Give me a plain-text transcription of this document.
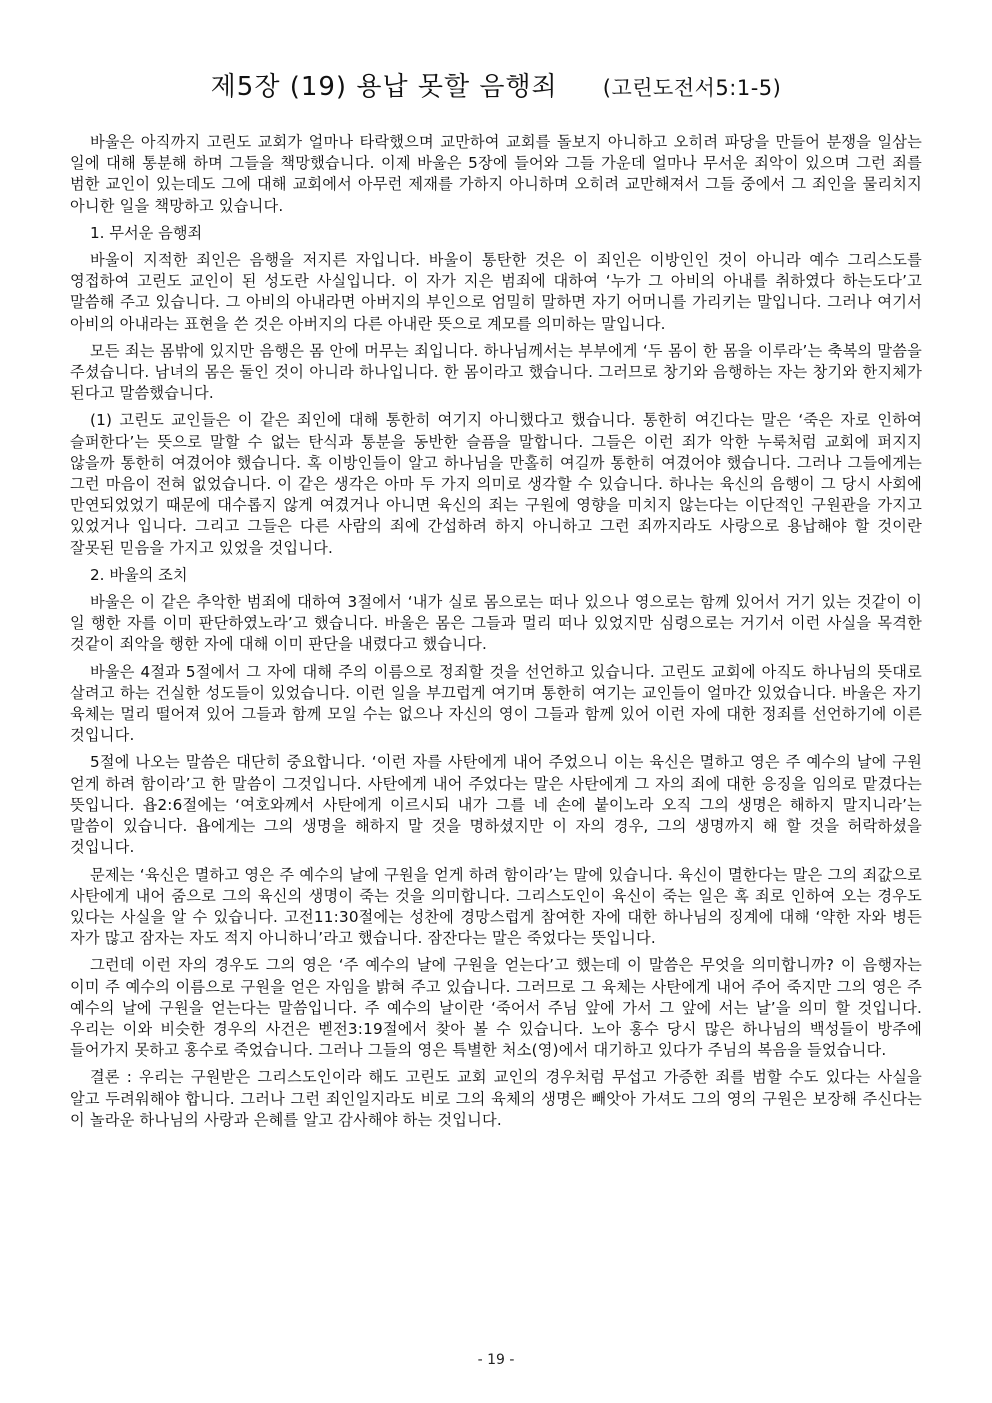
제5장 (19) 용납 못할 음행죄 (고린도전서5:1-5)

바울은 아직까지 고린도 교회가 얼마나 타락했으며 교만하여 교회를 돌보지 아니하고 오히려 파당을 만들어 분쟁을 일삼는 일에 대해 통분해 하며 그들을 책망했습니다. 이제 바울은 5장에 들어와 그들 가운데 얼마나 무서운 죄악이 있으며 그런 죄를 범한 교인이 있는데도 그에 대해 교회에서 아무런 제재를 가하지 아니하며 오히려 교만해져서 그들 중에서 그 죄인을 물리치지 아니한 일을 책망하고 있습니다.

1. 무서운 음행죄

바울이 지적한 죄인은 음행을 저지른 자입니다. 바울이 통탄한 것은 이 죄인은 이방인인 것이 아니라 예수 그리스도를 영접하여 고린도 교인이 된 성도란 사실입니다. 이 자가 지은 범죄에 대하여 ‘누가 그 아비의 아내를 취하였다 하는도다’고 말씀해 주고 있습니다. 그 아비의 아내라면 아버지의 부인으로 엄밀히 말하면 자기 어머니를 가리키는 말입니다. 그러나 여기서 아비의 아내라는 표현을 쓴 것은 아버지의 다른 아내란 뜻으로 계모를 의미하는 말입니다.

모든 죄는 몸밖에 있지만 음행은 몸 안에 머무는 죄입니다. 하나님께서는 부부에게 ‘두 몸이 한 몸을 이루라’는 축복의 말씀을 주셨습니다. 남녀의 몸은 둘인 것이 아니라 하나입니다. 한 몸이라고 했습니다. 그러므로 창기와 음행하는 자는 창기와 한지체가 된다고 말씀했습니다.

(1) 고린도 교인들은 이 같은 죄인에 대해 통한히 여기지 아니했다고 했습니다. 통한히 여긴다는 말은 ‘죽은 자로 인하여 슬퍼한다’는 뜻으로 말할 수 없는 탄식과 통분을 동반한 슬픔을 말합니다. 그들은 이런 죄가 악한 누룩처럼 교회에 퍼지지 않을까 통한히 여겼어야 했습니다. 혹 이방인들이 알고 하나님을 만홀히 여길까 통한히 여겼어야 했습니다. 그러나 그들에게는 그런 마음이 전혀 없었습니다. 이 같은 생각은 아마 두 가지 의미로 생각할 수 있습니다. 하나는 육신의 음행이 그 당시 사회에 만연되었었기 때문에 대수롭지 않게 여겼거나 아니면 육신의 죄는 구원에 영향을 미치지 않는다는 이단적인 구원관을 가지고 있었거나 입니다. 그리고 그들은 다른 사람의 죄에 간섭하려 하지 아니하고 그런 죄까지라도 사랑으로 용납해야 할 것이란 잘못된 믿음을 가지고 있었을 것입니다.

2. 바울의 조치

바울은 이 같은 추악한 범죄에 대하여 3절에서 ‘내가 실로 몸으로는 떠나 있으나 영으로는 함께 있어서 거기 있는 것같이 이 일 행한 자를 이미 판단하였노라’고 했습니다. 바울은 몸은 그들과 멀리 떠나 있었지만 심령으로는 거기서 이런 사실을 목격한 것같이 죄악을 행한 자에 대해 이미 판단을 내렸다고 했습니다.

바울은 4절과 5절에서 그 자에 대해 주의 이름으로 정죄할 것을 선언하고 있습니다. 고린도 교회에 아직도 하나님의 뜻대로 살려고 하는 건실한 성도들이 있었습니다. 이런 일을 부끄럽게 여기며 통한히 여기는 교인들이 얼마간 있었습니다. 바울은 자기 육체는 멀리 떨어져 있어 그들과 함께 모일 수는 없으나 자신의 영이 그들과 함께 있어 이런 자에 대한 정죄를 선언하기에 이른 것입니다.

5절에 나오는 말씀은 대단히 중요합니다. ‘이런 자를 사탄에게 내어 주었으니 이는 육신은 멸하고 영은 주 예수의 날에 구원 얻게 하려 함이라’고 한 말씀이 그것입니다. 사탄에게 내어 주었다는 말은 사탄에게 그 자의 죄에 대한 응징을 임의로 맡겼다는 뜻입니다. 욥2:6절에는 ‘여호와께서 사탄에게 이르시되 내가 그를 네 손에 붙이노라 오직 그의 생명은 해하지 말지니라’는 말씀이 있습니다. 욥에게는 그의 생명을 해하지 말 것을 명하셨지만 이 자의 경우, 그의 생명까지 해 할 것을 허락하셨을 것입니다.

문제는 ‘육신은 멸하고 영은 주 예수의 날에 구원을 얻게 하려 함이라’는 말에 있습니다. 육신이 멸한다는 말은 그의 죄값으로 사탄에게 내어 줌으로 그의 육신의 생명이 죽는 것을 의미합니다. 그리스도인이 육신이 죽는 일은 혹 죄로 인하여 오는 경우도 있다는 사실을 알 수 있습니다. 고전11:30절에는 성찬에 경망스럽게 참여한 자에 대한 하나님의 징계에 대해 ‘약한 자와 병든 자가 많고 잠자는 자도 적지 아니하니’라고 했습니다. 잠잔다는 말은 죽었다는 뜻입니다.

그런데 이런 자의 경우도 그의 영은 ‘주 예수의 날에 구원을 얻는다’고 했는데 이 말씀은 무엇을 의미합니까? 이 음행자는 이미 주 예수의 이름으로 구원을 얻은 자임을 밝혀 주고 있습니다. 그러므로 그 육체는 사탄에게 내어 주어 죽지만 그의 영은 주 예수의 날에 구원을 얻는다는 말씀입니다. 주 예수의 날이란 ‘죽어서 주님 앞에 가서 그 앞에 서는 날’을 의미 할 것입니다. 우리는 이와 비슷한 경우의 사건은 벧전3:19절에서 찾아 볼 수 있습니다. 노아 홍수 당시 많은 하나님의 백성들이 방주에 들어가지 못하고 홍수로 죽었습니다. 그러나 그들의 영은 특별한 처소(영)에서 대기하고 있다가 주님의 복음을 들었습니다.

결론 : 우리는 구원받은 그리스도인이라 해도 고린도 교회 교인의 경우처럼 무섭고 가증한 죄를 범할 수도 있다는 사실을 알고 두려워해야 합니다. 그러나 그런 죄인일지라도 비로 그의 육체의 생명은 빼앗아 가셔도 그의 영의 구원은 보장해 주신다는 이 놀라운 하나님의 사랑과 은혜를 알고 감사해야 하는 것입니다.

- 19 -
